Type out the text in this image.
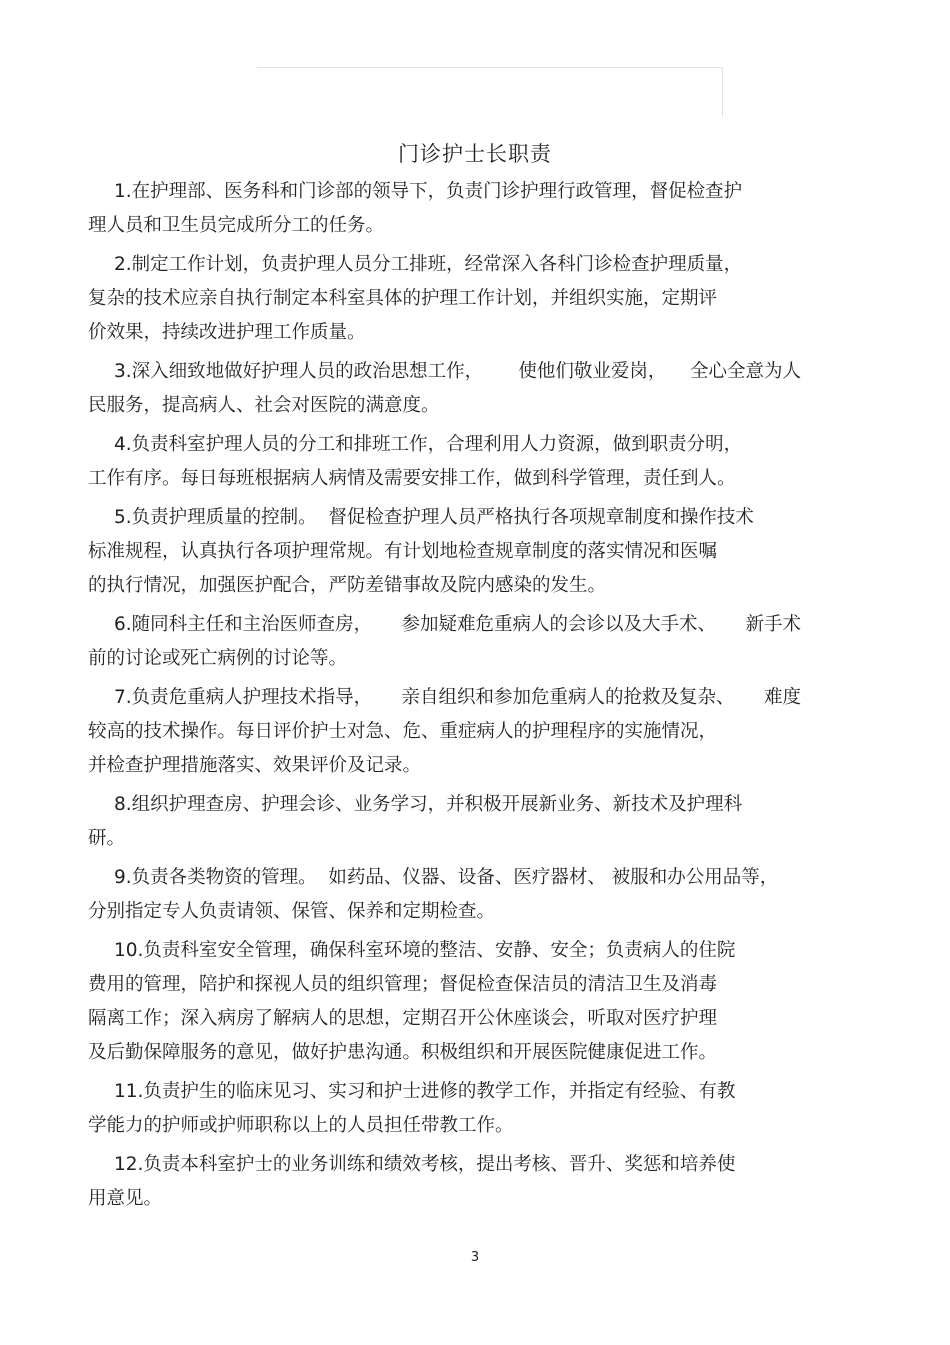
门诊护士长职责
1.在护理部、医务科和门诊部的领导下，负责门诊护理行政管理，督促检查护
理人员和卫生员完成所分工的任务。
2.制定工作计划，负责护理人员分工排班，经常深入各科门诊检查护理质量，
复杂的技术应亲自执行制定本科室具体的护理工作计划，并组织实施，定期评
价效果，持续改进护理工作质量。
3.深入细致地做好护理人员的政治思想工作，      使他们敬业爱岗，    全心全意为人
民服务，提高病人、社会对医院的满意度。
4.负责科室护理人员的分工和排班工作，合理利用人力资源，做到职责分明，
工作有序。每日每班根据病人病情及需要安排工作，做到科学管理，责任到人。
5.负责护理质量的控制。  督促检查护理人员严格执行各项规章制度和操作技术
标准规程，认真执行各项护理常规。有计划地检查规章制度的落实情况和医嘱
的执行情况，加强医护配合，严防差错事故及院内感染的发生。
6.随同科主任和主治医师查房，     参加疑难危重病人的会诊以及大手术、     新手术
前的讨论或死亡病例的讨论等。
7.负责危重病人护理技术指导，     亲自组织和参加危重病人的抢救及复杂、     难度
较高的技术操作。每日评价护士对急、危、重症病人的护理程序的实施情况，
并检查护理措施落实、效果评价及记录。
8.组织护理查房、护理会诊、业务学习，并积极开展新业务、新技术及护理科
研。
9.负责各类物资的管理。  如药品、仪器、设备、医疗器材、 被服和办公用品等，
分别指定专人负责请领、保管、保养和定期检查。
10.负责科室安全管理，确保科室环境的整洁、安静、安全；负责病人的住院
费用的管理，陪护和探视人员的组织管理；督促检查保洁员的清洁卫生及消毒
隔离工作；深入病房了解病人的思想，定期召开公休座谈会，听取对医疗护理
及后勤保障服务的意见，做好护患沟通。积极组织和开展医院健康促进工作。
11.负责护生的临床见习、实习和护士进修的教学工作，并指定有经验、有教
学能力的护师或护师职称以上的人员担任带教工作。
12.负责本科室护士的业务训练和绩效考核，提出考核、晋升、奖惩和培养使
用意见。
3
